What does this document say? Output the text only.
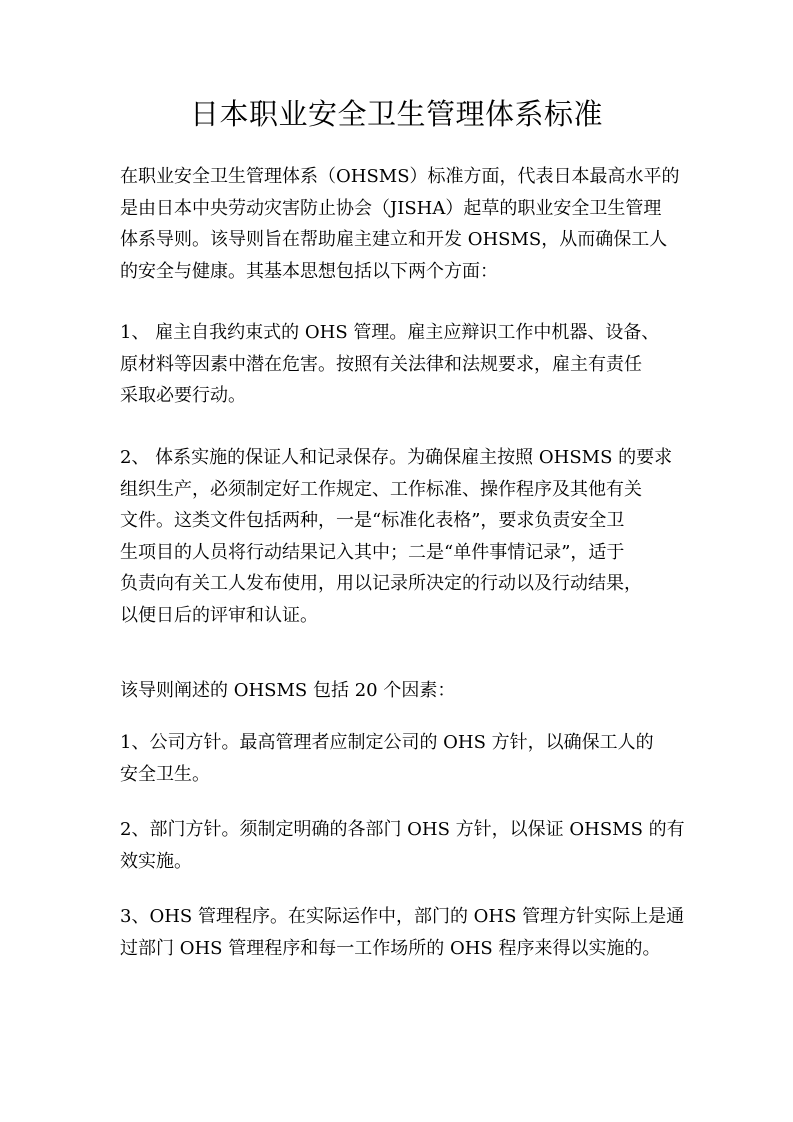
日本职业安全卫生管理体系标准
在职业安全卫生管理体系（OHSMS）标准方面，代表日本最高水平的
是由日本中央劳动灾害防止协会（JISHA）起草的职业安全卫生管理
体系导则。该导则旨在帮助雇主建立和开发 OHSMS，从而确保工人
的安全与健康。其基本思想包括以下两个方面：
1、 雇主自我约束式的 OHS 管理。雇主应辩识工作中机器、设备、
原材料等因素中潜在危害。按照有关法律和法规要求，雇主有责任
采取必要行动。
2、 体系实施的保证人和记录保存。为确保雇主按照 OHSMS 的要求
组织生产，必须制定好工作规定、工作标准、操作程序及其他有关
文件。这类文件包括两种，一是“标准化表格”，要求负责安全卫
生项目的人员将行动结果记入其中；二是“单件事情记录”，适于
负责向有关工人发布使用，用以记录所决定的行动以及行动结果，
以便日后的评审和认证。
该导则阐述的 OHSMS 包括 20 个因素：
1、公司方针。最高管理者应制定公司的 OHS 方针，以确保工人的
安全卫生。
2、部门方针。须制定明确的各部门 OHS 方针，以保证 OHSMS 的有
效实施。
3、OHS 管理程序。在实际运作中，部门的 OHS 管理方针实际上是通
过部门 OHS 管理程序和每一工作场所的 OHS 程序来得以实施的。
